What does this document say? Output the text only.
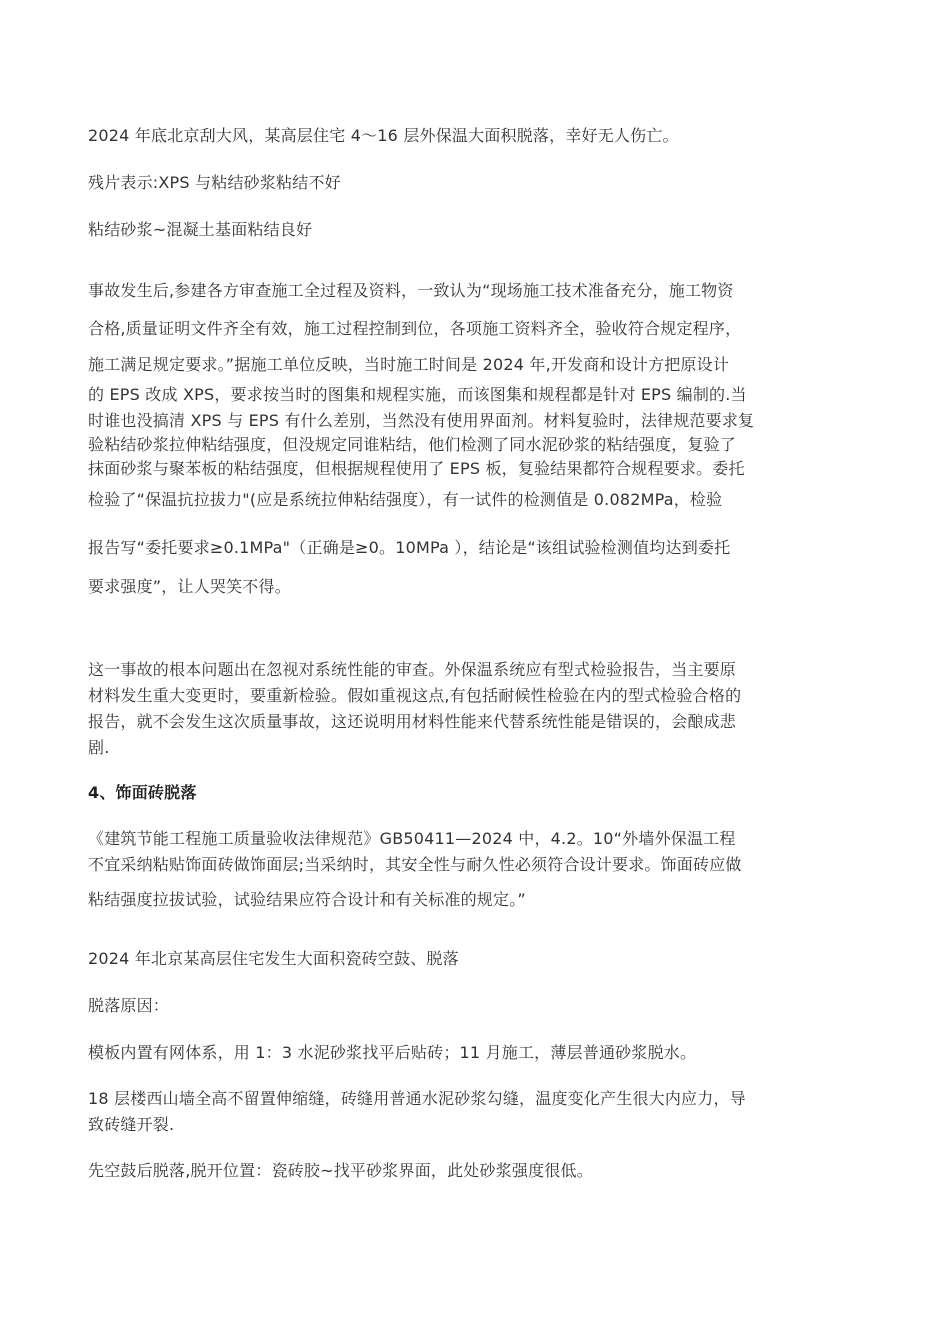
2024 年底北京刮大风，某高层住宅 4～16 层外保温大面积脱落，幸好无人伤亡。

残片表示:XPS 与粘结砂浆粘结不好

粘结砂浆~混凝土基面粘结良好

事故发生后,参建各方审查施工全过程及资料，一致认为“现场施工技术准备充分，施工物资
合格,质量证明文件齐全有效，施工过程控制到位，各项施工资料齐全，验收符合规定程序，
施工满足规定要求。”据施工单位反映，当时施工时间是 2024 年,开发商和设计方把原设计
的 EPS 改成 XPS，要求按当时的图集和规程实施，而该图集和规程都是针对 EPS 编制的.当
时谁也没搞清 XPS 与 EPS 有什么差别，当然没有使用界面剂。材料复验时，法律规范要求复
验粘结砂浆拉伸粘结强度，但没规定同谁粘结，他们检测了同水泥砂浆的粘结强度，复验了
抹面砂浆与聚苯板的粘结强度，但根据规程使用了 EPS 板，复验结果都符合规程要求。委托
检验了“保温抗拉拔力"(应是系统拉伸粘结强度），有一试件的检测值是 0.082MPa，检验
报告写“委托要求≥0.1MPa"（正确是≥0。10MPa ），结论是“该组试验检测值均达到委托
要求强度”，让人哭笑不得。
这一事故的根本问题出在忽视对系统性能的审查。外保温系统应有型式检验报告，当主要原
材料发生重大变更时，要重新检验。假如重视这点,有包括耐候性检验在内的型式检验合格的
报告，就不会发生这次质量事故，这还说明用材料性能来代替系统性能是错误的，会酿成悲
剧.
4、饰面砖脱落
《建筑节能工程施工质量验收法律规范》GB50411—2024 中，4.2。10“外墙外保温工程
不宜采纳粘贴饰面砖做饰面层;当采纳时，其安全性与耐久性必须符合设计要求。饰面砖应做
粘结强度拉拔试验，试验结果应符合设计和有关标准的规定。”

2024 年北京某高层住宅发生大面积瓷砖空鼓、脱落

脱落原因：

模板内置有网体系，用 1：3 水泥砂浆找平后贴砖；11 月施工，薄层普通砂浆脱水。

18 层楼西山墙全高不留置伸缩缝，砖缝用普通水泥砂浆勾缝，温度变化产生很大内应力，导
致砖缝开裂.

先空鼓后脱落,脱开位置：瓷砖胶~找平砂浆界面，此处砂浆强度很低。
